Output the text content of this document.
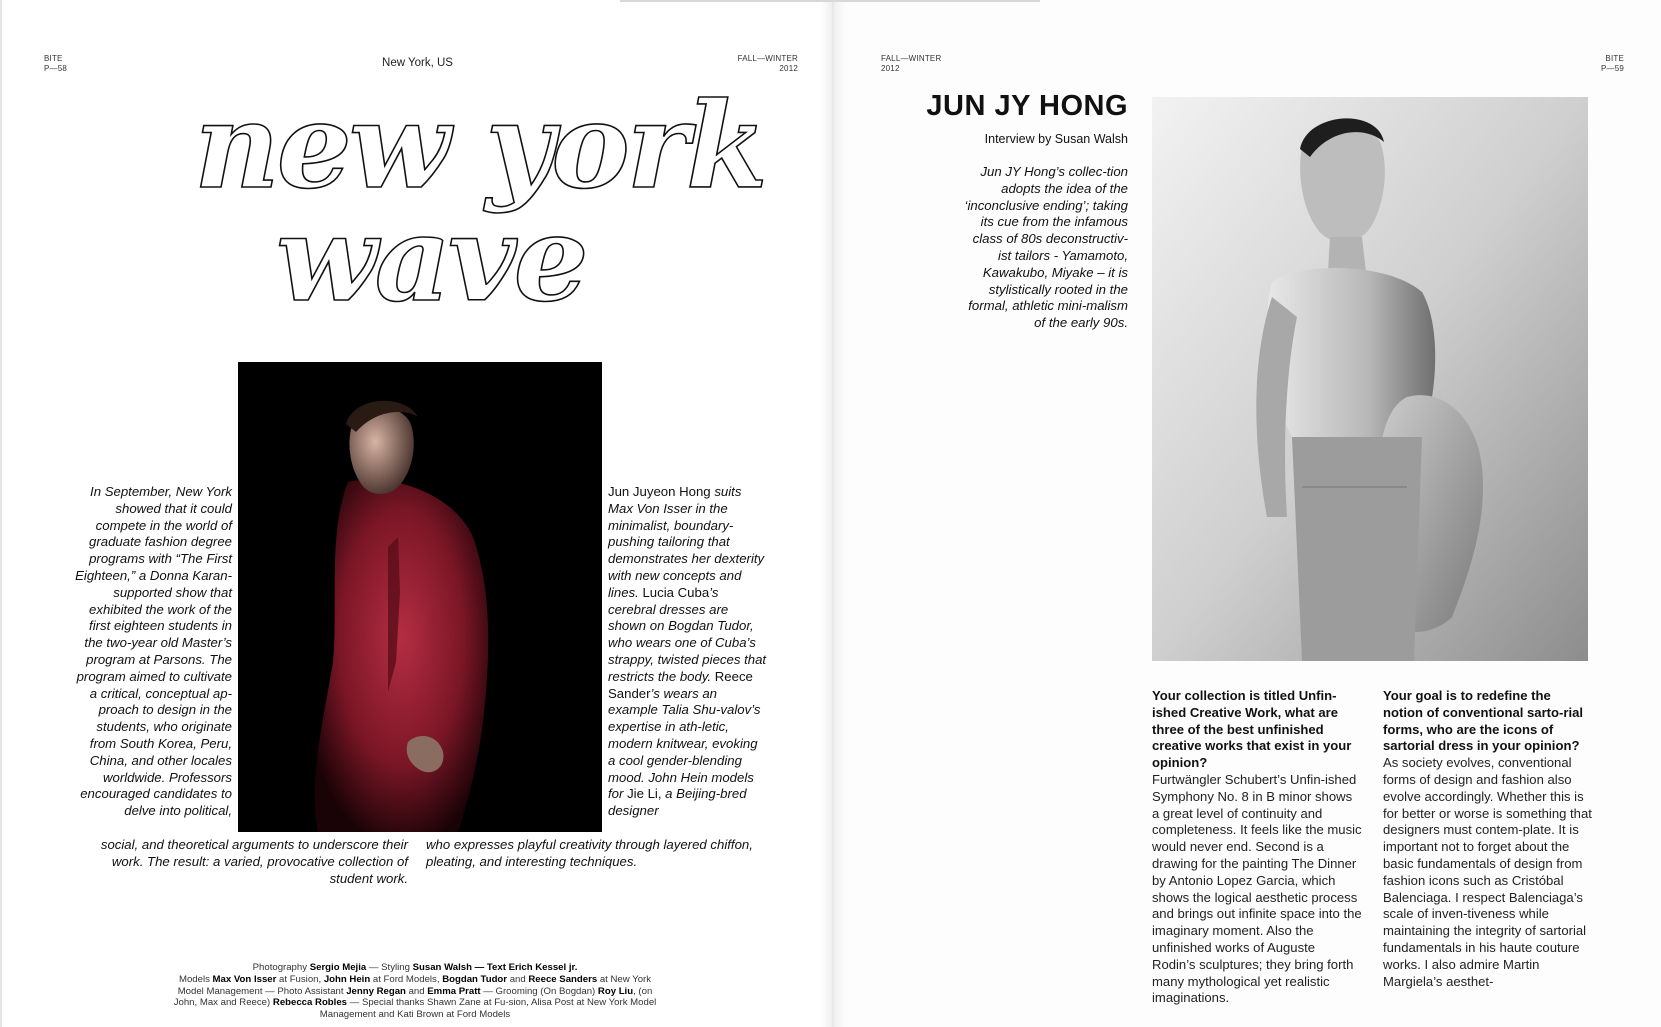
BITE
P—58	New York, US	FALL—WINTER
2012
new york
wave
In September, New York showed that it could compete in the world of graduate fashion degree programs with “The First Eighteen,” a Donna Karan-supported show that exhibited the work of the first eighteen students in the two-year old Master’s program at Parsons. The program aimed to cultivate a critical, conceptual ap-proach to design in the students, who originate from South Korea, Peru, China, and other locales worldwide. Professors encouraged candidates to delve into political,
Jun Juyeon Hong suits Max Von Isser in the minimalist, boundary-pushing tailoring that demonstrates her dexterity with new concepts and lines. Lucia Cuba’s cerebral dresses are shown on Bogdan Tudor, who wears one of Cuba’s strappy, twisted pieces that restricts the body. Reece Sander’s wears an example Talia Shu-valov’s expertise in ath-letic, modern knitwear, evoking a cool gender-blending mood. John Hein models for Jie Li, a Beijing-bred designer
social, and theoretical arguments to underscore their work. The result: a varied, provocative collection of student work.
who expresses playful creativity through layered chiffon, pleating, and interesting techniques.
Photography Sergio Mejia — Styling Susan Walsh — Text Erich Kessel jr.
Models Max Von Isser at Fusion, John Hein at Ford Models, Bogdan Tudor and Reece Sanders at New York Model Management — Photo Assistant Jenny Regan and Emma Pratt — Grooming (On Bogdan) Roy Liu, (on John, Max and Reece) Rebecca Robles — Special thanks Shawn Zane at Fu-sion, Alisa Post at New York Model Management and Kati Brown at Ford Models
FALL—WINTER
2012
BITE
P—59
JUN JY HONG
Interview by Susan Walsh
Jun JY Hong’s collec-tion adopts the idea of the ‘inconclusive ending’; taking its cue from the infamous class of 80s deconstructiv-ist tailors - Yamamoto, Kawakubo, Miyake – it is stylistically rooted in the formal, athletic mini-malism of the early 90s.
Your collection is titled Unfin-ished Creative Work, what are three of the best unfinished creative works that exist in your opinion?
Furtwängler Schubert’s Unfin-ished Symphony No. 8 in B minor shows a great level of continuity and completeness. It feels like the music would never end. Second is a drawing for the painting The Dinner by Antonio Lopez Garcia, which shows the logical aesthetic process and brings out infinite space into the imaginary moment. Also the unfinished works of Auguste Rodin’s sculptures; they bring forth many mythological yet realistic imaginations.
Your goal is to redefine the notion of conventional sarto-rial forms, who are the icons of sartorial dress in your opinion?
As society evolves, conventional forms of design and fashion also evolve accordingly. Whether this is for better or worse is something that designers must contem-plate. It is important not to forget about the basic fundamentals of design from fashion icons such as Cristóbal Balenciaga. I respect Balenciaga’s scale of inven-tiveness while maintaining the integrity of sartorial fundamentals in his haute couture works. I also admire Martin Margiela’s aesthet-
